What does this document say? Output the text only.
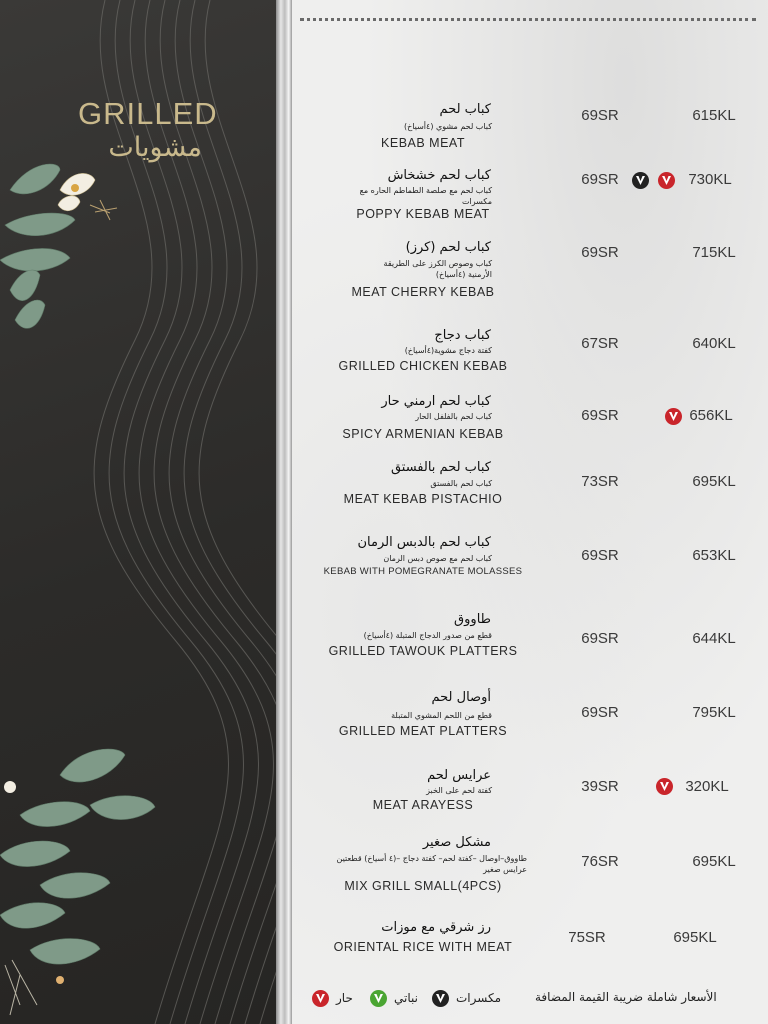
GRILLED
مشويات
كباب لحم
كباب لحم مشوي (٤أسياخ)
KEBAB MEAT
69SR	615KL
كباب لحم خشخاش
كباب لحم مع صلصة الطماطم الحاره مع مكسرات
POPPY KEBAB MEAT
69SR	730KL
كباب لحم (كرز)
كباب وصوص الكرز على الطريقة الأرمنية (٤أسياخ)
MEAT CHERRY KEBAB
69SR	715KL
كباب دجاج
كفتة دجاج مشوية(٤أسياخ)
GRILLED CHICKEN KEBAB
67SR	640KL
كباب لحم ارمني حار
كباب لحم بالفلفل الحار
SPICY ARMENIAN KEBAB
69SR	656KL
كباب لحم بالفستق
كباب لحم بالفستق
MEAT KEBAB PISTACHIO
73SR	695KL
كباب لحم بالدبس الرمان
كباب لحم مع صوص دبس الرمان
KEBAB WITH POMEGRANATE MOLASSES
69SR	653KL
طاووق
قطع من صدور الدجاج المتبلة (٤أسياخ)
GRILLED TAWOUK PLATTERS
69SR	644KL
أوصال لحم
قطع من اللحم المشوي المتبلة
GRILLED MEAT PLATTERS
69SR	795KL
عرايس لحم
كفتة لحم على الخبز
MEAT ARAYESS
39SR	320KL
مشكل صغير
طاووق–اوصال –كفتة لحم– كفتة دجاج –(٤ أسياخ) قطعتين عرايس صغير
MIX GRILL SMALL(4PCS)
76SR	695KL
رز شرقي مع موزات
ORIENTAL RICE WITH MEAT
75SR	695KL
الأسعار شاملة ضريبة القيمة المضافة
مكسرات
نباتي
حار
